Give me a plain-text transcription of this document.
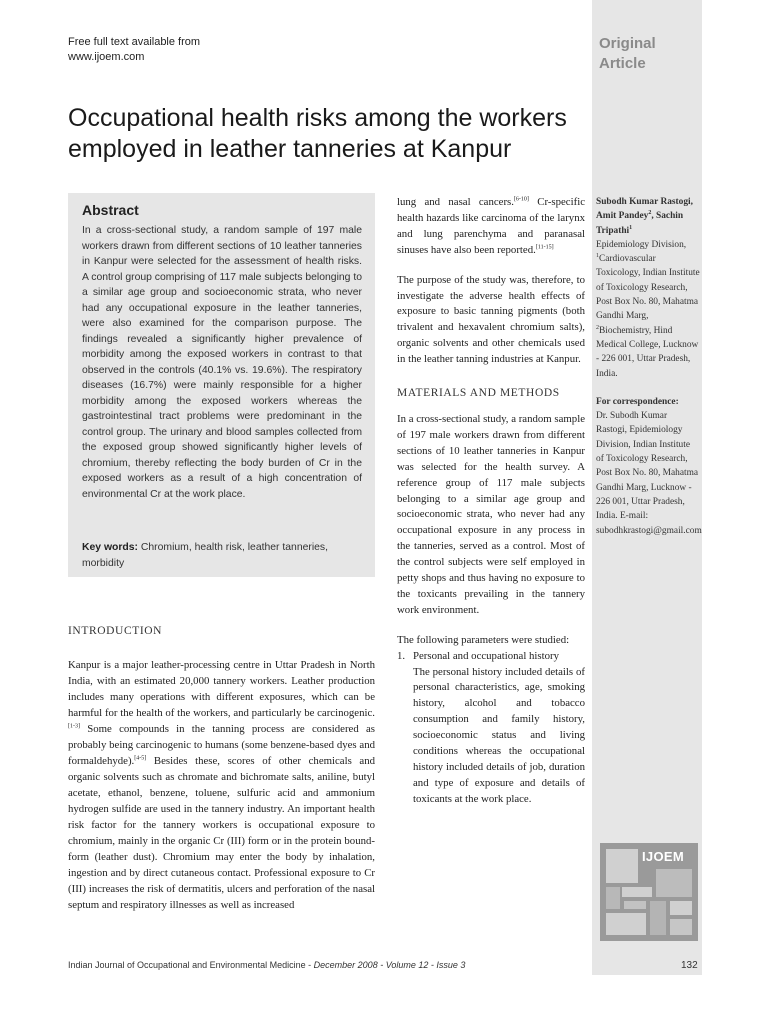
Free full text available from
www.ijoem.com
Original
Article
Occupational health risks among the workers employed in leather tanneries at Kanpur
Abstract

In a cross-sectional study, a random sample of 197 male workers drawn from different sections of 10 leather tanneries in Kanpur were selected for the assessment of health risks. A control group comprising of 117 male subjects belonging to a similar age group and socioeconomic strata, who never had any occupational exposure in the leather tanneries, were also examined for the comparison purpose. The findings revealed a significantly higher prevalence of morbidity among the exposed workers in contrast to that observed in the controls (40.1% vs. 19.6%). The respiratory diseases (16.7%) were mainly responsible for a higher morbidity among the exposed workers whereas the gastrointestinal tract problems were predominant in the control group. The urinary and blood samples collected from the exposed group showed significantly higher levels of chromium, thereby reflecting the body burden of Cr in the exposed workers as a result of a high concentration of environmental Cr at the work place.

Key words: Chromium, health risk, leather tanneries, morbidity

INTRODUCTION

Kanpur is a major leather-processing centre in Uttar Pradesh in North India, with an estimated 20,000 tannery workers. Leather production includes many operations with different exposures, which can be harmful for the health of the workers, and particularly be carcinogenic.[1-3] Some compounds in the tanning process are considered as probably being carcinogenic to humans (some benzene-based dyes and formaldehyde).[4-5] Besides these, scores of other chemicals and organic solvents such as chromate and bichromate salts, aniline, butyl acetate, ethanol, benzene, toluene, sulfuric acid and ammonium hydrogen sulfide are used in the tannery industry. An important health risk factor for the tannery workers is occupational exposure to chromium, mainly in the organic Cr (III) form or in the protein bound-form (leather dust). Chromium may enter the body by inhalation, ingestion and by direct cutaneous contact. Professional exposure to Cr (III) increases the risk of dermatitis, ulcers and perforation of the nasal septum and respiratory illnesses as well as increased

lung and nasal cancers.[6-10] Cr-specific health hazards like carcinoma of the larynx and lung parenchyma and paranasal sinuses have also been reported.[11-15]

The purpose of the study was, therefore, to investigate the adverse health effects of exposure to basic tanning pigments (both trivalent and hexavalent chromium salts), organic solvents and other chemicals used in the leather tanning industries at Kanpur.

MATERIALS AND METHODS

In a cross-sectional study, a random sample of 197 male workers drawn from different sections of 10 leather tanneries in Kanpur was selected for the health survey. A reference group of 117 male subjects belonging to a similar age group and socioeconomic strata, who never had any occupational exposure in any process in the tanneries, served as a control. Most of the control subjects were self employed in petty shops and thus having no exposure to the toxicants prevailing in the tannery work environment.

The following parameters were studied:

1. Personal and occupational history
The personal history included details of personal characteristics, age, smoking history, alcohol and tobacco consumption and family history, socioeconomic status and living conditions whereas the occupational history included details of job, duration and type of exposure and details of toxicants at the work place.

Subodh Kumar Rastogi, Amit Pandey$^2$, Sachin Tripathi$^1$

Epidemiology Division, $^1$Cardiovascular Toxicology, Indian Institute of Toxicology Research, Post Box No. 80, Mahatma Gandhi Marg, $^2$Biochemistry, Hind Medical College, Lucknow - 226 001, Uttar Pradesh, India.

For correspondence:
Dr. Subodh Kumar Rastogi, Epidemiology Division, Indian Institute of Toxicology Research, Post Box No. 80, Mahatma Gandhi Marg, Lucknow - 226 001, Uttar Pradesh, India. E-mail: subodhkrastogi@gmail.com

IJOEM
Indian Journal of Occupational and Environmental Medicine - December 2008 - Volume 12 - Issue 3	132
